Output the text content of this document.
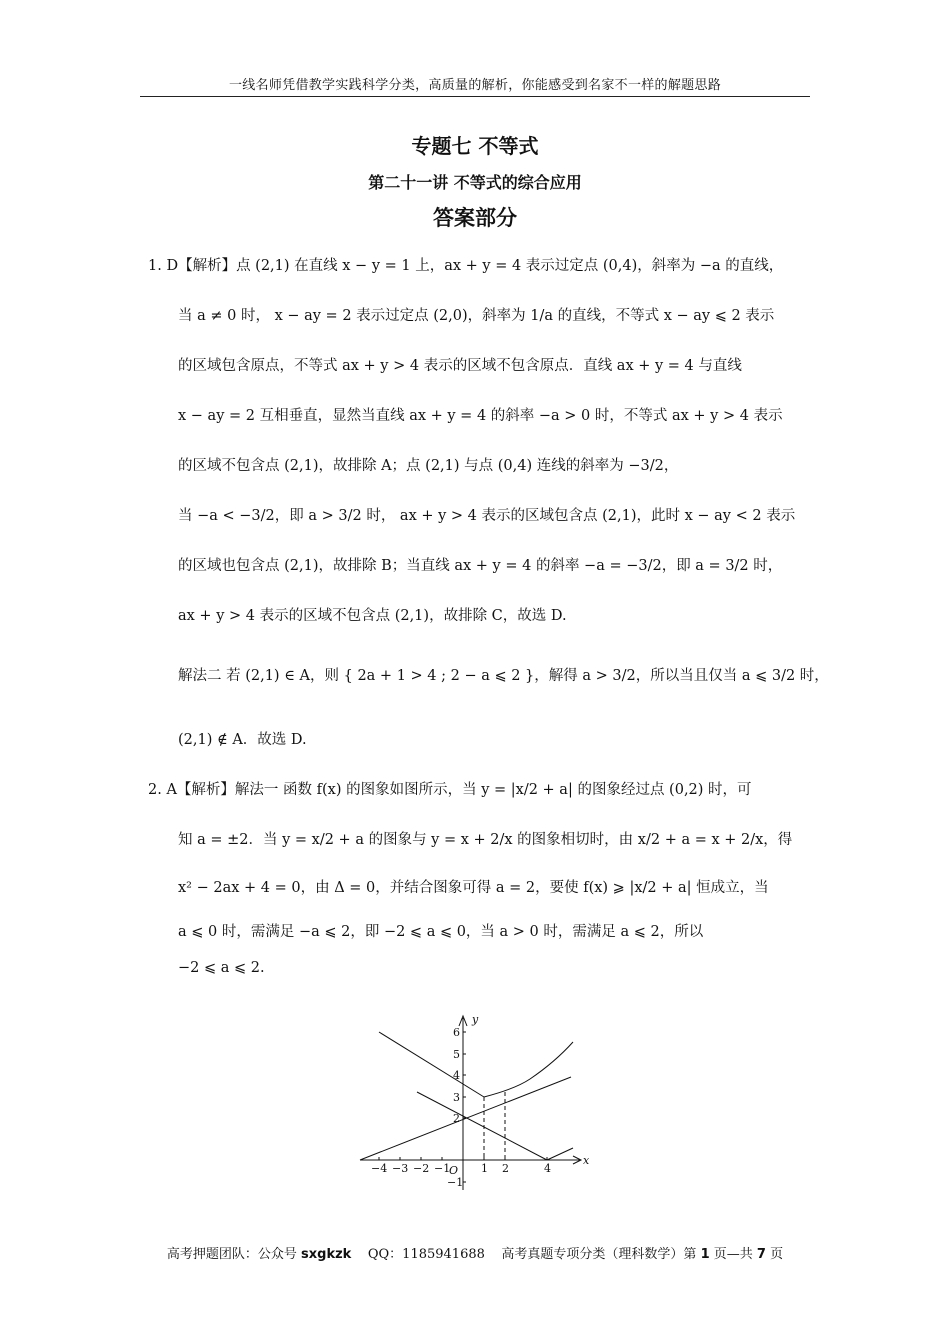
一线名师凭借教学实践科学分类，高质量的解析，你能感受到名家不一样的解题思路
专题七 不等式
第二十一讲 不等式的综合应用
答案部分
1. D【解析】点 (2,1) 在直线 x − y = 1 上，ax + y = 4 表示过定点 (0,4)，斜率为 −a 的直线，
当 a ≠ 0 时， x − ay = 2 表示过定点 (2,0)，斜率为 1/a 的直线，不等式 x − ay ⩽ 2 表示
的区域包含原点，不等式 ax + y > 4 表示的区域不包含原点．直线 ax + y = 4 与直线
x − ay = 2 互相垂直，显然当直线 ax + y = 4 的斜率 −a > 0 时，不等式 ax + y > 4 表示
的区域不包含点 (2,1)，故排除 A；点 (2,1) 与点 (0,4) 连线的斜率为 −3/2，
当 −a < −3/2，即 a > 3/2 时， ax + y > 4 表示的区域包含点 (2,1)，此时 x − ay < 2 表示
的区域也包含点 (2,1)，故排除 B；当直线 ax + y = 4 的斜率 −a = −3/2，即 a = 3/2 时，
ax + y > 4 表示的区域不包含点 (2,1)，故排除 C，故选 D.
解法二 若 (2,1) ∈ A，则 { 2a + 1 > 4 ; 2 − a ⩽ 2 }，解得 a > 3/2，所以当且仅当 a ⩽ 3/2 时，
(2,1) ∉ A．故选 D.
2. A【解析】解法一 函数 f(x) 的图象如图所示，当 y = |x/2 + a| 的图象经过点 (0,2) 时，可
知 a = ±2．当 y = x/2 + a 的图象与 y = x + 2/x 的图象相切时，由 x/2 + a = x + 2/x，得
x² − 2ax + 4 = 0，由 Δ = 0，并结合图象可得 a = 2，要使 f(x) ⩾ |x/2 + a| 恒成立，当
a ⩽ 0 时，需满足 −a ⩽ 2，即 −2 ⩽ a ⩽ 0，当 a > 0 时，需满足 a ⩽ 2，所以
−2 ⩽ a ⩽ 2.
x
y
O
−4 −3 −2 −1	1 2	4
6
5
4
3
2
−1
高考押题团队：公众号 sxgkzk QQ：1185941688 高考真题专项分类（理科数学）第 1 页—共 7 页
